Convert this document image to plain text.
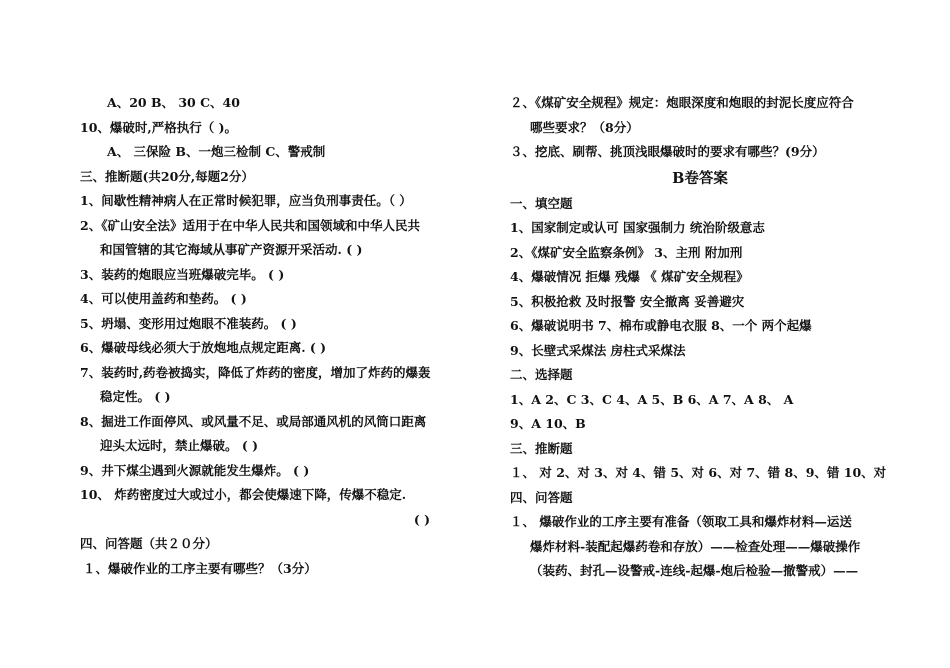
A、20 B、 30 C、40
10、爆破时,严格执行（ )。
A、 三保险 B、一炮三检制 C、警戒制
三、推断题(共20分,每题2分）
1、间歇性精神病人在正常时候犯罪，应当负刑事责任。（ ）
2、《矿山安全法》适用于在中华人民共和国领域和中华人民共
和国管辖的其它海域从事矿产资源开采活动. ( )
3、装药的炮眼应当班爆破完毕。 ( )
4、可以使用盖药和垫药。 ( )
5、坍塌、变形用过炮眼不准装药。 ( )
6、爆破母线必须大于放炮地点规定距离. ( )
7、装药时,药卷被捣实，降低了炸药的密度，增加了炸药的爆轰
稳定性。 ( )
8、掘进工作面停风、或风量不足、或局部通风机的风筒口距离
迎头太远时，禁止爆破。 ( )
9、井下煤尘遇到火源就能发生爆炸。 ( )
10、 炸药密度过大或过小，都会使爆速下降，传爆不稳定.
( )
四、问答题（共２０分）
１、爆破作业的工序主要有哪些？（3分）
２、《煤矿安全规程》规定：炮眼深度和炮眼的封泥长度应符合
哪些要求？（8分）
３、挖底、刷帮、挑顶浅眼爆破时的要求有哪些？(9分）
B卷答案
一、填空题
1、国家制定或认可 国家强制力 统治阶级意志
2、《煤矿安全监察条例》 3、主刑 附加刑
4、爆破情况 拒爆 残爆 《 煤矿安全规程》
5、积极抢救 及时报警 安全撤离 妥善避灾
6、爆破说明书 7、棉布或静电衣服 8、一个 两个起爆
9、长壁式采煤法 房柱式采煤法
二、选择题
1、A 2、C 3、C 4、A 5、B 6、A 7、A 8、 A
9、A 10、B
三、推断题
１、 对 2、对 3、对 4、错 5、对 6、对 7、错 8、9、错 10、对
四、问答题
１、 爆破作业的工序主要有准备（领取工具和爆炸材料—运送
爆炸材料-装配起爆药卷和存放）——检查处理——爆破操作
（装药、封孔—设警戒-连线-起爆-炮后检验—撤警戒）——
